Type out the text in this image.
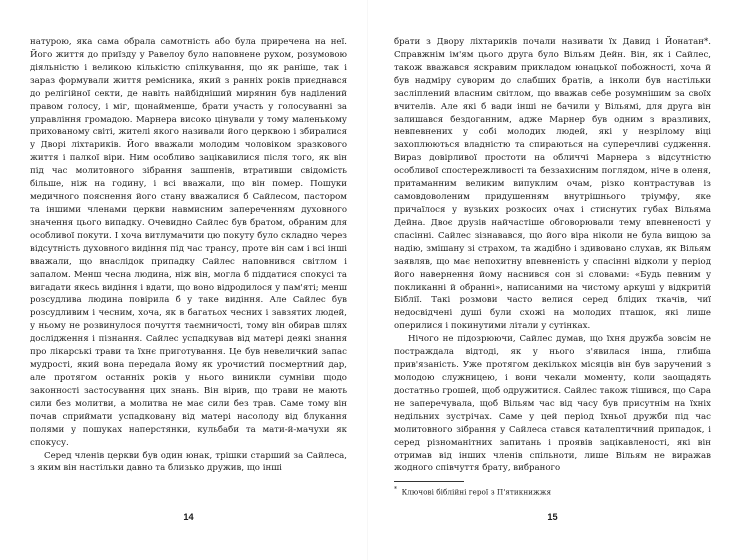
натурою, яка сама обрала самотність або була приречена на неї. Його життя до приїзду у Равелоу було наповнене рухом, розумовою діяльністю і великою кількістю спілкування, що як раніше, так і зараз формували життя ремісника, який з ранніх років приєднався до релігійної секти, де навіть найбідніший мирянин був наділений правом голосу, і міг, щонайменше, брати участь у голосуванні за управління громадою. Марнера високо цінували у тому маленькому прихованому світі, жителі якого називали його церквою і збиралися у Дворі ліхтариків. Його вважали молодим чоловіком зразкового життя і палкої віри. Ним особливо зацікавилися після того, як він під час молитовного зібрання зашпенів, втративши свідомість більше, ніж на годину, і всі вважали, що він помер. Пошуки медичного пояснення його стану вважалися б Сайлесом, пастором та іншими членами церкви навмисним запереченням духовного значення цього випадку. Очевидно Сайлес був братом, обраним для особливої покути. І хоча витлумачити цю покуту було складно через відсутність духовного видіння під час трансу, проте він сам і всі інші вважали, що внаслідок припадку Сайлес наповнився світлом і запалом. Менш чесна людина, ніж він, могла б піддатися спокусі та вигадати якесь видіння і вдати, що воно відродилося у пам'яті; менш розсудлива людина повірила б у таке видіння. Але Сайлес був розсудливим і чесним, хоча, як в багатьох чесних і завзятих людей, у ньому не розвинулося почуття таємничості, тому він обирав шлях дослідження і пізнання. Сайлес успадкував від матері деякі знання про лікарські трави та їхнє приготування. Це був невеличкий запас мудрості, який вона передала йому як урочистий посмертний дар, але протягом останніх років у нього виникли сумніви щодо законності застосування цих знань. Він вірив, що трави не мають сили без молитви, а молитва не має сили без трав. Саме тому він почав сприймати успадковану від матері насолоду від блукання полями у пошуках наперстянки, кульбаби та мати-й-мачухи як спокусу.

Серед членів церкви був один юнак, трішки старший за Сайлеса, з яким він настільки давно та близько дружив, що інші

14

брати з Двору ліхтариків почали називати їх Давид і Йонатан*. Справжнім ім'ям цього друга було Вільям Дейн. Він, як і Сайлес, також вважався яскравим прикладом юнацької побожності, хоча й був надміру суворим до слабших братів, а інколи був настільки засліплений власним світлом, що вважав себе розумнішим за своїх вчителів. Але які б вади інші не бачили у Вільямі, для друга він залишався бездоганним, адже Марнер був одним з вразливих, невпевнених у собі молодих людей, які у незрілому віці захоплюються владністю та спираються на суперечливі судження. Вираз довірливої простоти на обличчі Марнера з відсутністю особливої спостережливості та беззахисним поглядом, ніче в оленя, притаманним великим випуклим очам, різко контрастував із самовдоволеним придушенням внутрішнього тріумфу, яке причаїлося у вузьких розкосих очах і стиснутих губах Вільяма Дейна. Двоє друзів найчастіше обговорювали тему впевненості у спасінні. Сайлес зізнавався, що його віра ніколи не була вищою за надію, змішану зі страхом, та жадібно і здивовано слухав, як Вільям заявляв, що має непохитну впевненість у спасінні відколи у період його навернення йому наснився сон зі словами: «Будь певним у покликанні й обранні», написаними на чистому аркуші у відкритій Біблії. Такі розмови часто велися серед блідих ткачів, чиї недосвідчені душі були схожі на молодих пташок, які лише оперилися і покинутими літали у сутінках.

Нічого не підозрюючи, Сайлес думав, що їхня дружба зовсім не постраждала відтоді, як у нього з'явилася інша, глибша прив'язаність. Уже протягом декількох місяців він був заручений з молодою служницею, і вони чекали моменту, коли заощадять достатньо грошей, щоб одружитися. Сайлес також тішився, що Сара не заперечувала, щоб Вільям час від часу був присутнім на їхніх недільних зустрічах. Саме у цей період їхньої дружби під час молитовного зібрання у Сайлеса стався каталептичний припадок, і серед різноманітних запитань і проявів зацікавленості, які він отримав від інших членів спільноти, лише Вільям не виражав жодного співчуття брату, вибраного

* Ключові біблійні герої з П'ятикнижжя

15
